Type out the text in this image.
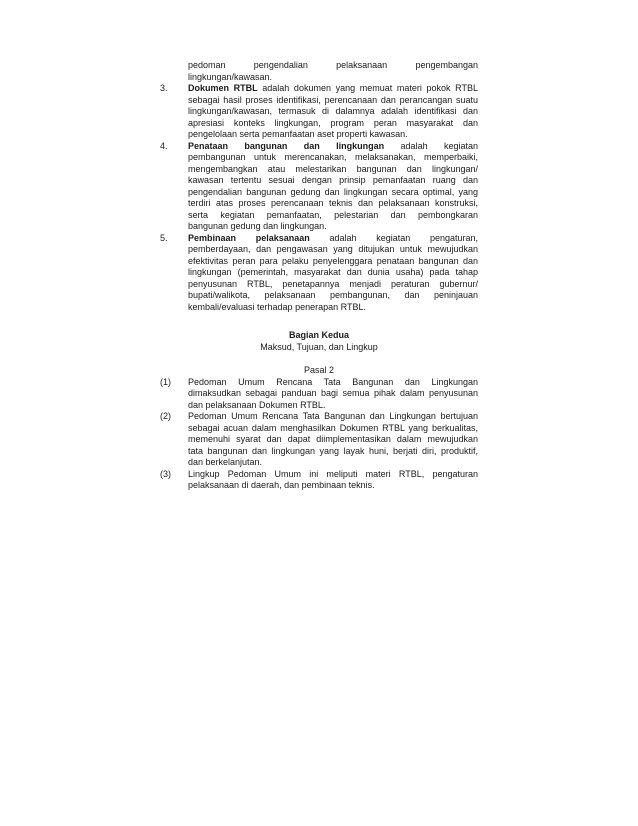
pedoman pengendalian pelaksanaan pengembangan
lingkungan/kawasan.
3.	Dokumen RTBL adalah dokumen yang memuat materi pokok RTBL
sebagai hasil proses identifikasi, perencanaan dan perancangan suatu
lingkungan/kawasan, termasuk di dalamnya adalah identifikasi dan
apresiasi konteks lingkungan, program peran masyarakat dan
pengelolaan serta pemanfaatan aset properti kawasan.
4.	Penataan bangunan dan lingkungan adalah kegiatan
pembangunan untuk merencanakan, melaksanakan, memperbaiki,
mengembangkan atau melestarikan bangunan dan lingkungan/
kawasan tertentu sesuai dengan prinsip pemanfaatan ruang dan
pengendalian bangunan gedung dan lingkungan secara optimal, yang
terdiri atas proses perencanaan teknis dan pelaksanaan konstruksi,
serta kegiatan pemanfaatan, pelestarian dan pembongkaran
bangunan gedung dan lingkungan.
5.	Pembinaan pelaksanaan adalah kegiatan pengaturan,
pemberdayaan, dan pengawasan yang ditujukan untuk mewujudkan
efektivitas peran para pelaku penyelenggara penataan bangunan dan
lingkungan (pemerintah, masyarakat dan dunia usaha) pada tahap
penyusunan RTBL, penetapannya menjadi peraturan gubernur/
bupati/walikota, pelaksanaan pembangunan, dan peninjauan
kembali/evaluasi terhadap penerapan RTBL.
Bagian Kedua
Maksud, Tujuan, dan Lingkup
Pasal 2
(1)	Pedoman Umum Rencana Tata Bangunan dan Lingkungan
dimaksudkan sebagai panduan bagi semua pihak dalam penyusunan
dan pelaksanaan Dokumen RTBL.
(2)	Pedoman Umum Rencana Tata Bangunan dan Lingkungan bertujuan
sebagai acuan dalam menghasilkan Dokumen RTBL yang berkualitas,
memenuhi syarat dan dapat diimplementasikan dalam mewujudkan
tata bangunan dan lingkungan yang layak huni, berjati diri, produktif,
dan berkelanjutan.
(3)	Lingkup Pedoman Umum ini meliputi materi RTBL, pengaturan
pelaksanaan di daerah, dan pembinaan teknis.
